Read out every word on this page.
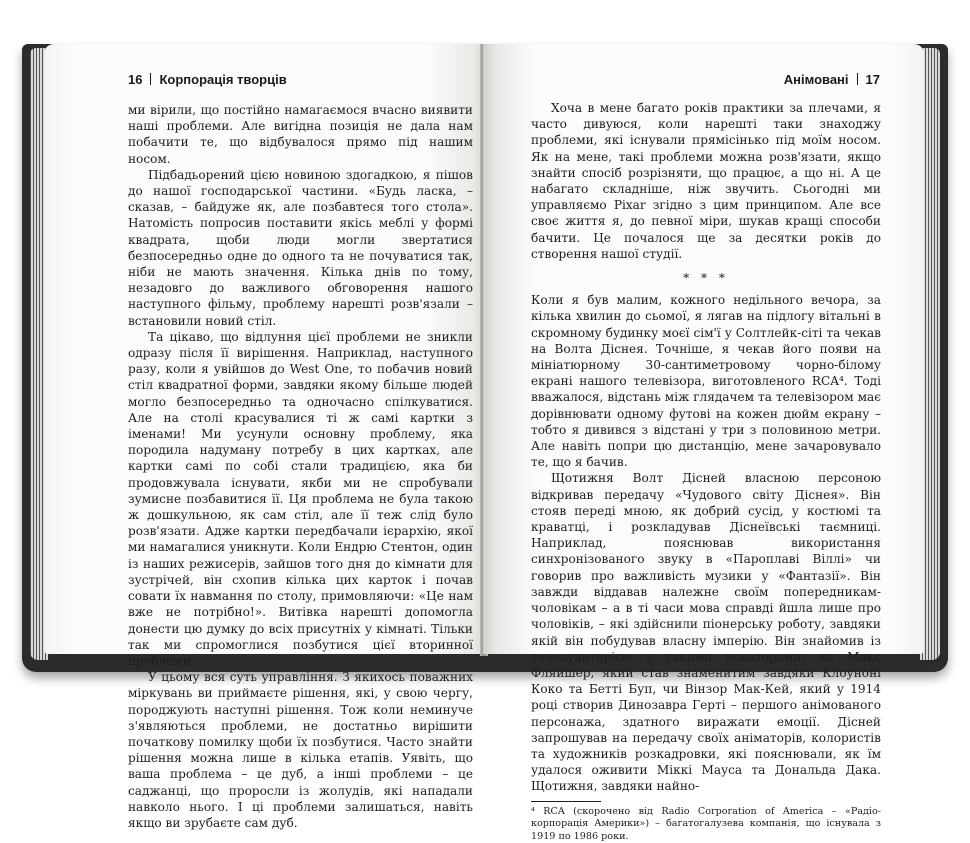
16 Корпорація творців

ми вірили, що постійно намагаємося вчасно виявити наші проблеми. Але вигідна позиція не дала нам побачити те, що відбувалося прямо під нашим носом.

Підбадьорений цією новиною здогадкою, я пішов до нашої господарської частини. «Будь ласка, – сказав, – байдуже як, але позбавтеся того стола». Натомість попросив поставити якісь меблі у формі квадрата, щоби люди могли звертатися безпосередньо одне до одного та не почуватися так, ніби не мають значення. Кілька днів по тому, незадовго до важливого обговорення нашого наступного фільму, проблему нарешті розв'язали – встановили новий стіл.

Та цікаво, що відлуння цієї проблеми не зникли одразу після її вирішення. Наприклад, наступного разу, коли я увійшов до West One, то побачив новий стіл квадратної форми, завдяки якому більше людей могло безпосередньо та одночасно спілкуватися. Але на столі красувалися ті ж самі картки з іменами! Ми усунули основну проблему, яка породила надуману потребу в цих картках, але картки самі по собі стали традицією, яка би продовжувала існувати, якби ми не спробували зумисне позбавитися її. Ця проблема не була такою ж дошкульною, як сам стіл, але її теж слід було розв'язати. Адже картки передбачали ієрархію, якої ми намагалися уникнути. Коли Ендрю Стентон, один із наших режисерів, зайшов того дня до кімнати для зустрічей, він схопив кілька цих карток і почав совати їх навмання по столу, примовляючи: «Це нам вже не потрібно!». Витівка нарешті допомогла донести цю думку до всіх присутніх у кімнаті. Тільки так ми спромоглися позбутися цієї вторинної проблеми.

У цьому вся суть управління. З якихось поважних міркувань ви приймаєте рішення, які, у свою чергу, породжують наступні рішення. Тож коли неминуче з'являються проблеми, не достатньо вирішити початкову помилку щоби їх позбутися. Часто знайти рішення можна лише в кілька етапів. Уявіть, що ваша проблема – це дуб, а інші проблеми – це саджанці, що проросли із жолудів, які нападали навколо нього. І ці проблеми залишаться, навіть якщо ви зрубаєте сам дуб.

Анімовані 17

Хоча в мене багато років практики за плечами, я часто дивуюся, коли нарешті таки знаходжу проблеми, які існували прямісінько під моїм носом. Як на мене, такі проблеми можна розв'язати, якщо знайти спосіб розрізняти, що працює, а що ні. А це набагато складніше, ніж звучить. Сьогодні ми управляємо Pixar згідно з цим принципом. Але все своє життя я, до певної міри, шукав кращі способи бачити. Це почалося ще за десятки років до створення нашої студії.

* * *

Коли я був малим, кожного недільного вечора, за кілька хвилин до сьомої, я лягав на підлогу вітальні в скромному будинку моєї сім'ї у Солтлейк-сіті та чекав на Волта Діснея. Точніше, я чекав його появи на мініатюрному 30-сантиметровому чорно-білому екрані нашого телевізора, виготовленого RCA⁴. Тоді вважалося, відстань між глядачем та телевізором має дорівнювати одному футові на кожен дюйм екрану – тобто я дивився з відстані у три з половиною метри. Але навіть попри цю дистанцію, мене зачаровувало те, що я бачив.

Щотижня Волт Дісней власною персоною відкривав передачу «Чудового світу Діснея». Він стояв переді мною, як добрий сусід, у костюмі та краватці, і розкладував Діснеївські таємниці. Наприклад, пояснював використання синхронізованого звуку в «Пароплаві Віллі» чи говорив про важливість музики у «Фантазії». Він завжди віддавав належне своїм попередникам-чоловікам – а в ті часи мова справді йшла лише про чоловіків, – які здійснили піонерську роботу, завдяки якій він побудував власну імперію. Він знайомив із телеаудиторією з такими новаторами, як Макс Фляйшер, який став знаменитим завдяки Клоуноні Коко та Бетті Буп, чи Вінзор Мак-Кей, який у 1914 році створив Динозавра Герті – першого анімованого персонажа, здатного виражати емоції. Дісней запрошував на передачу своїх аніматорів, колористів та художників розкадровки, які пояснювали, як їм удалося оживити Міккі Мауса та Дональда Дака. Щотижня, завдяки найно-

⁴ RCA (скорочено від Radio Corporation of America – «Радіо-корпорація Америки») – багатогалузева компанія, що існувала з 1919 по 1986 роки.
